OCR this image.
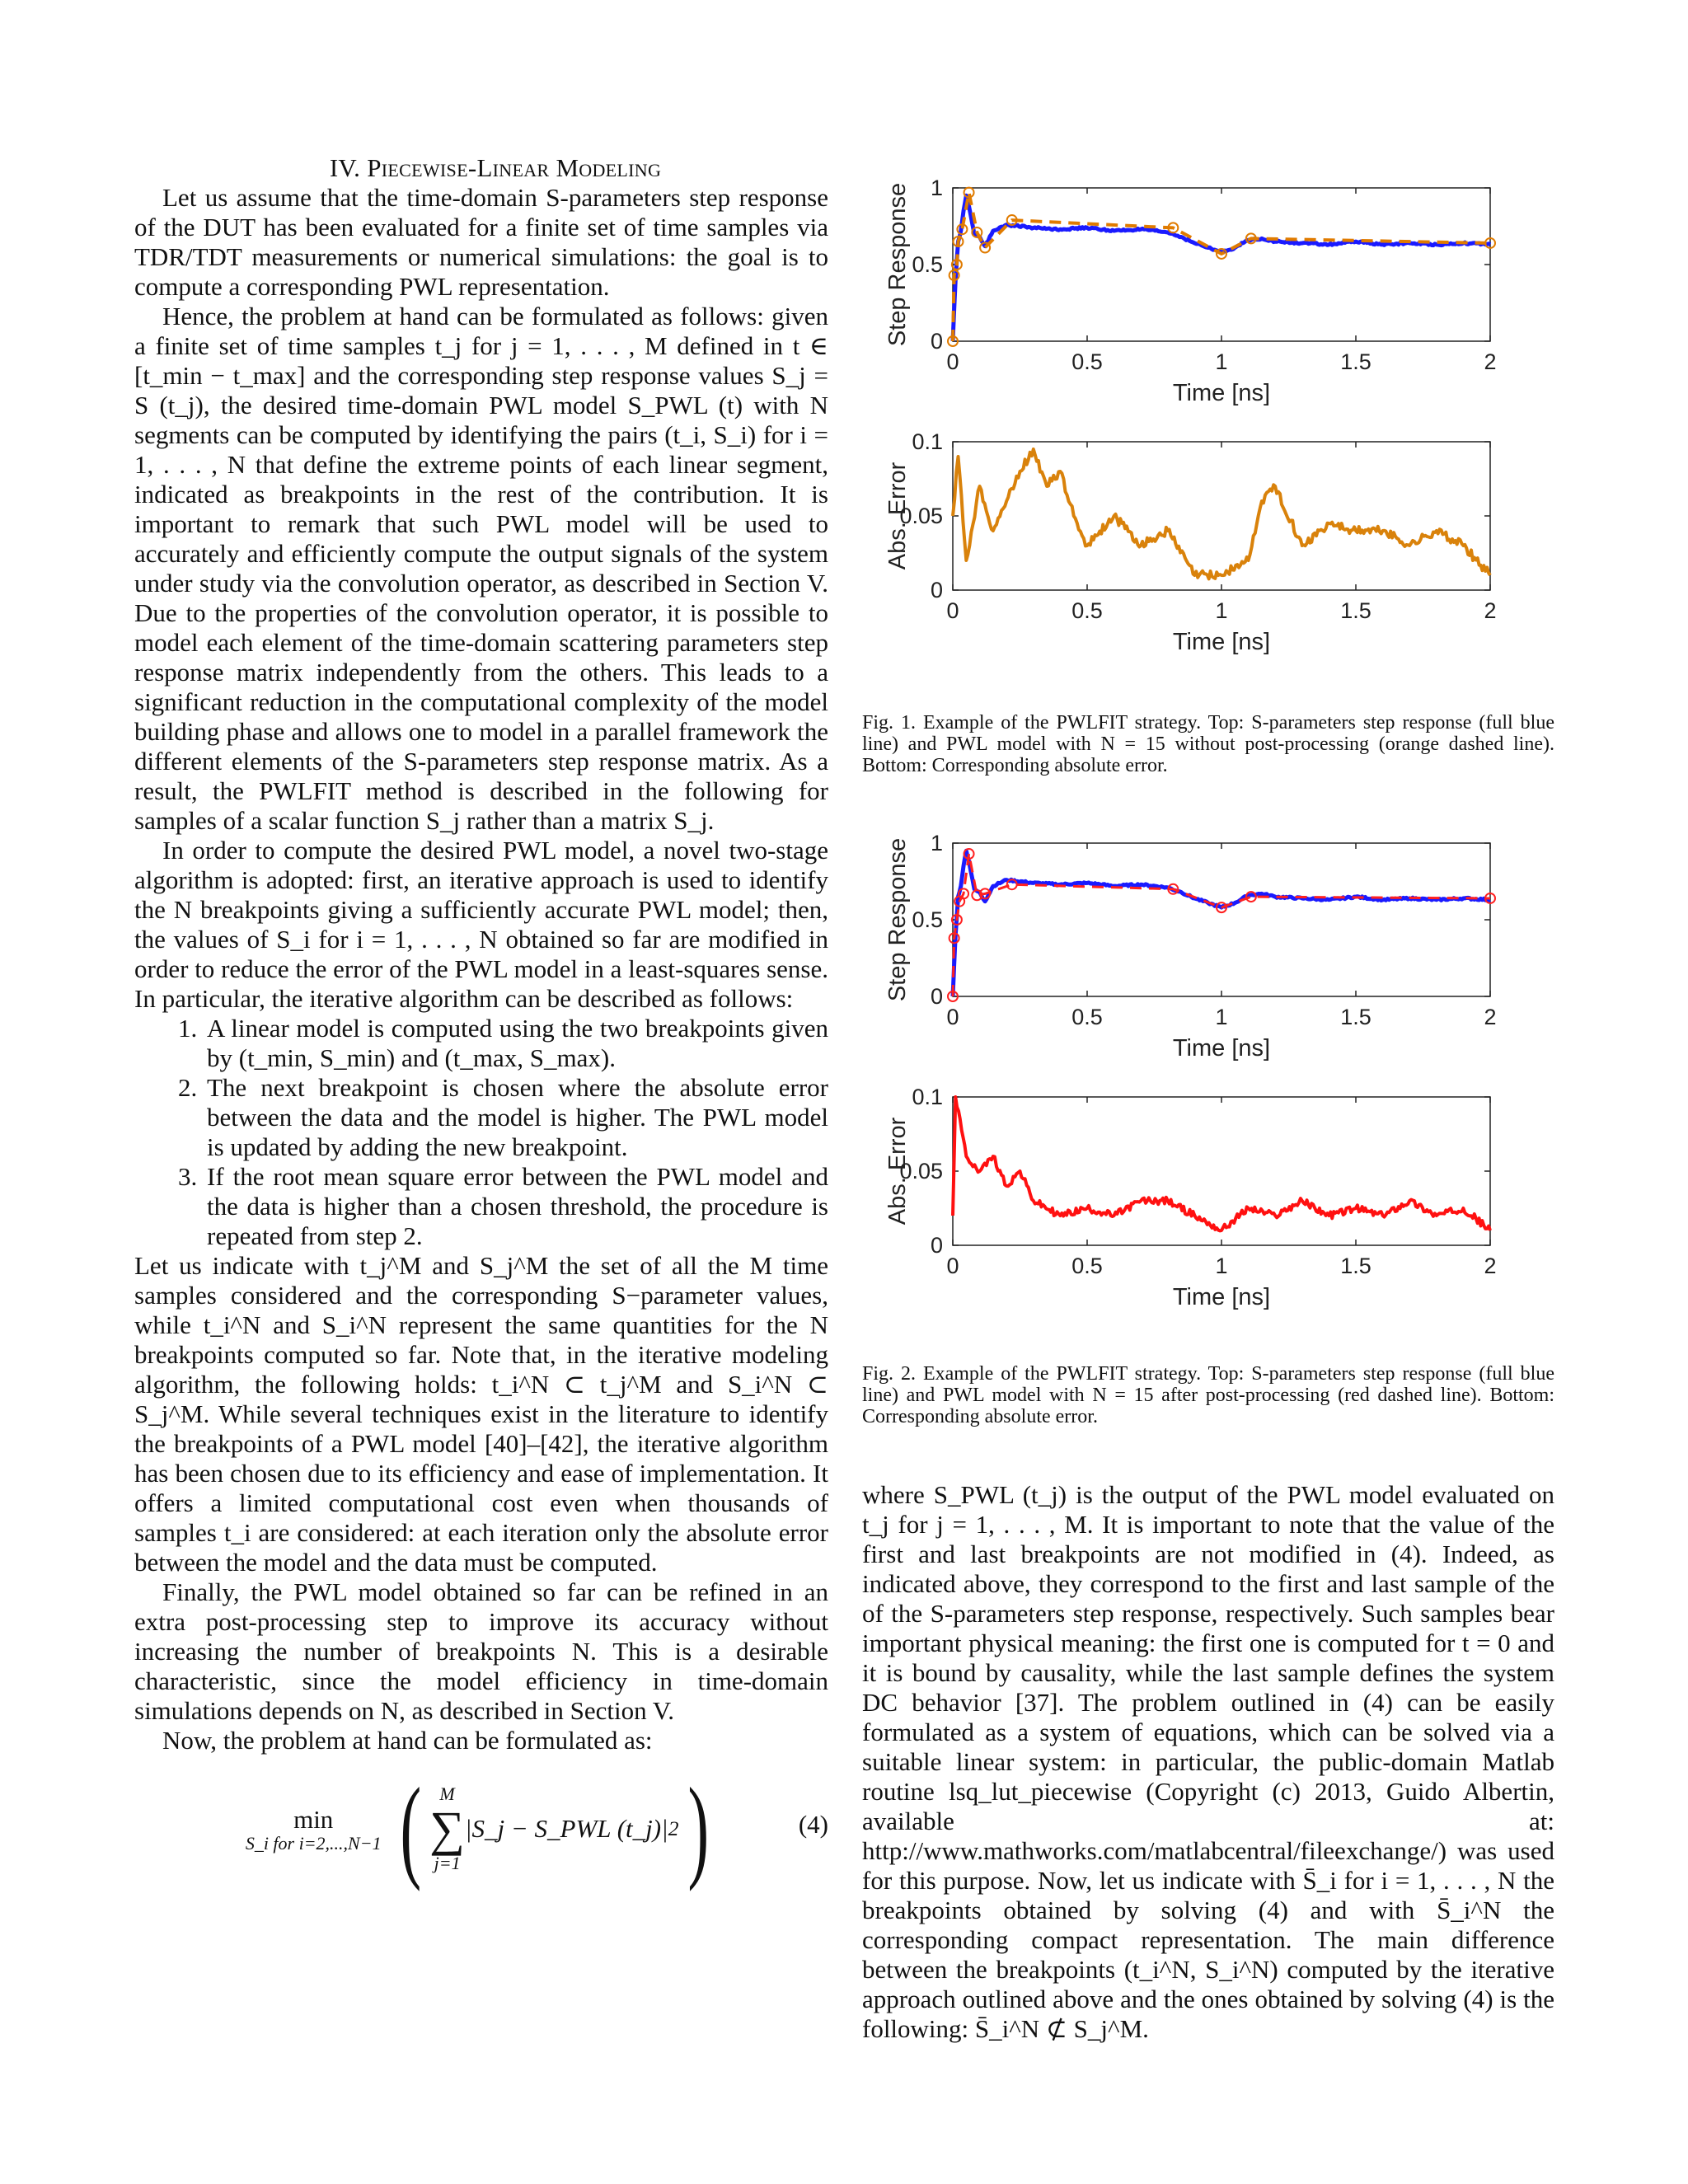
IV. Piecewise-Linear Modeling

Let us assume that the time-domain S-parameters step response of the DUT has been evaluated for a finite set of time samples via TDR/TDT measurements or numerical simulations: the goal is to compute a corresponding PWL representation.

Hence, the problem at hand can be formulated as follows: given a finite set of time samples t_j for j = 1, . . . , M defined in t ∈ [t_min − t_max] and the corresponding step response values S_j = S (t_j), the desired time-domain PWL model S_PWL (t) with N segments can be computed by identifying the pairs (t_i, S_i) for i = 1, . . . , N that define the extreme points of each linear segment, indicated as breakpoints in the rest of the contribution. It is important to remark that such PWL model will be used to accurately and efficiently compute the output signals of the system under study via the convolution operator, as described in Section V. Due to the properties of the convolution operator, it is possible to model each element of the time-domain scattering parameters step response matrix independently from the others. This leads to a significant reduction in the computational complexity of the model building phase and allows one to model in a parallel framework the different elements of the S-parameters step response matrix. As a result, the PWLFIT method is described in the following for samples of a scalar function S_j rather than a matrix S_j.

In order to compute the desired PWL model, a novel two-stage algorithm is adopted: first, an iterative approach is used to identify the N breakpoints giving a sufficiently accurate PWL model; then, the values of S_i for i = 1, . . . , N obtained so far are modified in order to reduce the error of the PWL model in a least-squares sense. In particular, the iterative algorithm can be described as follows:

1. A linear model is computed using the two breakpoints given by (t_min, S_min) and (t_max, S_max).
2. The next breakpoint is chosen where the absolute error between the data and the model is higher. The PWL model is updated by adding the new breakpoint.
3. If the root mean square error between the PWL model and the data is higher than a chosen threshold, the procedure is repeated from step 2.

Let us indicate with t_j^M and S_j^M the set of all the M time samples considered and the corresponding S−parameter values, while t_i^N and S_i^N represent the same quantities for the N breakpoints computed so far. Note that, in the iterative modeling algorithm, the following holds: t_i^N ⊂ t_j^M and S_i^N ⊂ S_j^M. While several techniques exist in the literature to identify the breakpoints of a PWL model [40]–[42], the iterative algorithm has been chosen due to its efficiency and ease of implementation. It offers a limited computational cost even when thousands of samples t_i are considered: at each iteration only the absolute error between the model and the data must be computed.

Finally, the PWL model obtained so far can be refined in an extra post-processing step to improve its accuracy without increasing the number of breakpoints N. This is a desirable characteristic, since the model efficiency in time-domain simulations depends on N, as described in Section V.

Now, the problem at hand can be formulated as:

min
S_i for i=2,...,N−1 ( M
∑
j=1
|S_j − S_PWL (t_j)| 2 )	(4)
0	0.5	1	1.5	2
0
0.5
1
Time [ns]
Step Response
0	0.5	1	1.5	2
0
0.05
0.1
Time [ns]
Abs. Error
Fig. 1. Example of the PWLFIT strategy. Top: S-parameters step response (full blue line) and PWL model with N = 15 without post-processing (orange dashed line). Bottom: Corresponding absolute error.
0	0.5	1	1.5	2
0
0.5
1
Time [ns]
Step Response
0	0.5	1	1.5	2
0
0.05
0.1
Time [ns]
Abs. Error
Fig. 2. Example of the PWLFIT strategy. Top: S-parameters step response (full blue line) and PWL model with N = 15 after post-processing (red dashed line). Bottom: Corresponding absolute error.

where S_PWL (t_j) is the output of the PWL model evaluated on t_j for j = 1, . . . , M. It is important to note that the value of the first and last breakpoints are not modified in (4). Indeed, as indicated above, they correspond to the first and last sample of the of the S-parameters step response, respectively. Such samples bear important physical meaning: the first one is computed for t = 0 and it is bound by causality, while the last sample defines the system DC behavior [37]. The problem outlined in (4) can be easily formulated as a system of equations, which can be solved via a suitable linear system: in particular, the public-domain Matlab routine lsq_lut_piecewise (Copyright (c) 2013, Guido Albertin, available at: http://www.mathworks.com/matlabcentral/fileexchange/) was used for this purpose. Now, let us indicate with S̄_i for i = 1, . . . , N the breakpoints obtained by solving (4) and with S̄_i^N the corresponding compact representation. The main difference between the breakpoints (t_i^N, S_i^N) computed by the iterative approach outlined above and the ones obtained by solving (4) is the following: S̄_i^N ⊄ S_j^M.
